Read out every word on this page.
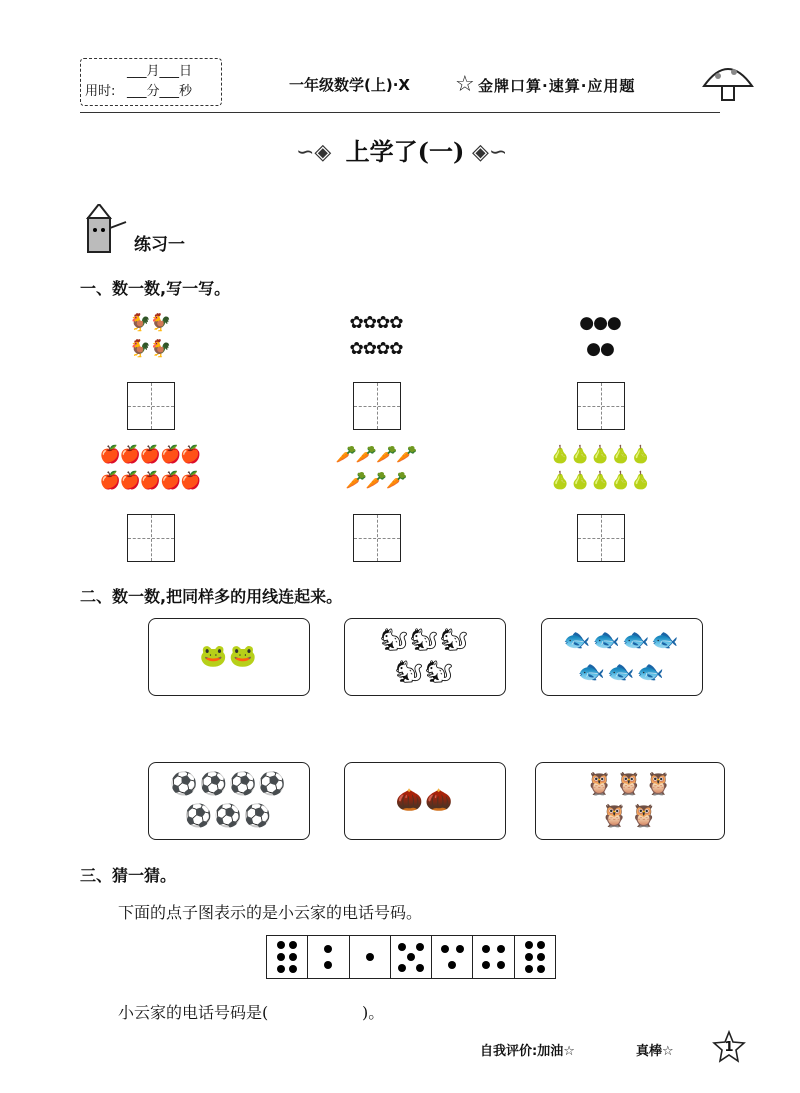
___月___日
用时: ___分___秒	一年级数学(上)·X ☆ 金牌口算·速算·应用题
∽◈ 上学了(一) ◈∽
练习一
一、数一数,写一写。
🐓🐓
🐓🐓
✿✿✿✿
✿✿✿✿
●●●
●●
🍎🍎🍎🍎🍎
🍎🍎🍎🍎🍎
🥕🥕🥕🥕
🥕🥕🥕
🍐🍐🍐🍐🍐
🍐🍐🍐🍐🍐
二、数一数,把同样多的用线连起来。
🐸🐸
🐿🐿🐿
🐿🐿
🐟🐟🐟🐟
🐟🐟🐟
⚽⚽⚽⚽
⚽⚽⚽
🌰🌰
🦉🦉🦉
🦉🦉
三、猜一猜。
下面的点子图表示的是小云家的电话号码。
小云家的电话号码是(	)。
自我评价:加油☆	真棒☆	1
